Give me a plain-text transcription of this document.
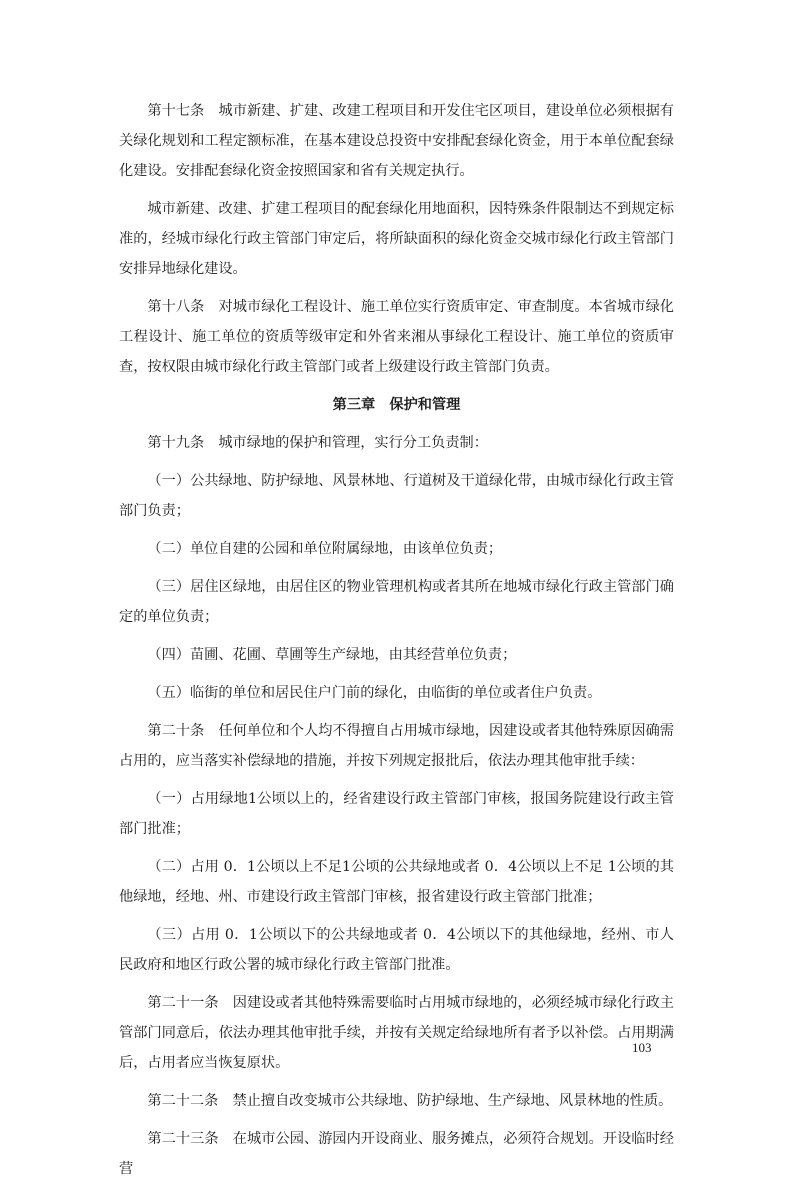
第十七条　城市新建、扩建、改建工程项目和开发住宅区项目，建设单位必须根据有关绿化规划和工程定额标准，在基本建设总投资中安排配套绿化资金，用于本单位配套绿化建设。安排配套绿化资金按照国家和省有关规定执行。

城市新建、改建、扩建工程项目的配套绿化用地面积，因特殊条件限制达不到规定标准的，经城市绿化行政主管部门审定后，将所缺面积的绿化资金交城市绿化行政主管部门安排异地绿化建设。

第十八条　对城市绿化工程设计、施工单位实行资质审定、审查制度。本省城市绿化工程设计、施工单位的资质等级审定和外省来湘从事绿化工程设计、施工单位的资质审查，按权限由城市绿化行政主管部门或者上级建设行政主管部门负责。

第三章　保护和管理

第十九条　城市绿地的保护和管理，实行分工负责制：

（一）公共绿地、防护绿地、风景林地、行道树及干道绿化带，由城市绿化行政主管部门负责；

（二）单位自建的公园和单位附属绿地，由该单位负责；

（三）居住区绿地，由居住区的物业管理机构或者其所在地城市绿化行政主管部门确定的单位负责；

（四）苗圃、花圃、草圃等生产绿地，由其经营单位负责；

（五）临街的单位和居民住户门前的绿化，由临街的单位或者住户负责。

第二十条　任何单位和个人均不得擅自占用城市绿地，因建设或者其他特殊原因确需占用的，应当落实补偿绿地的措施，并按下列规定报批后，依法办理其他审批手续：

（一）占用绿地1公顷以上的，经省建设行政主管部门审核，报国务院建设行政主管部门批准；

（二）占用 0．1公顷以上不足1公顷的公共绿地或者 0．4公顷以上不足 1公顷的其他绿地，经地、州、市建设行政主管部门审核，报省建设行政主管部门批准；

（三）占用 0．1公顷以下的公共绿地或者 0．4公顷以下的其他绿地，经州、市人民政府和地区行政公署的城市绿化行政主管部门批准。

第二十一条　因建设或者其他特殊需要临时占用城市绿地的，必须经城市绿化行政主管部门同意后，依法办理其他审批手续，并按有关规定给绿地所有者予以补偿。占用期满后，占用者应当恢复原状。

第二十二条　禁止擅自改变城市公共绿地、防护绿地、生产绿地、风景林地的性质。

第二十三条　在城市公园、游园内开设商业、服务摊点，必须符合规划。开设临时经营

103
